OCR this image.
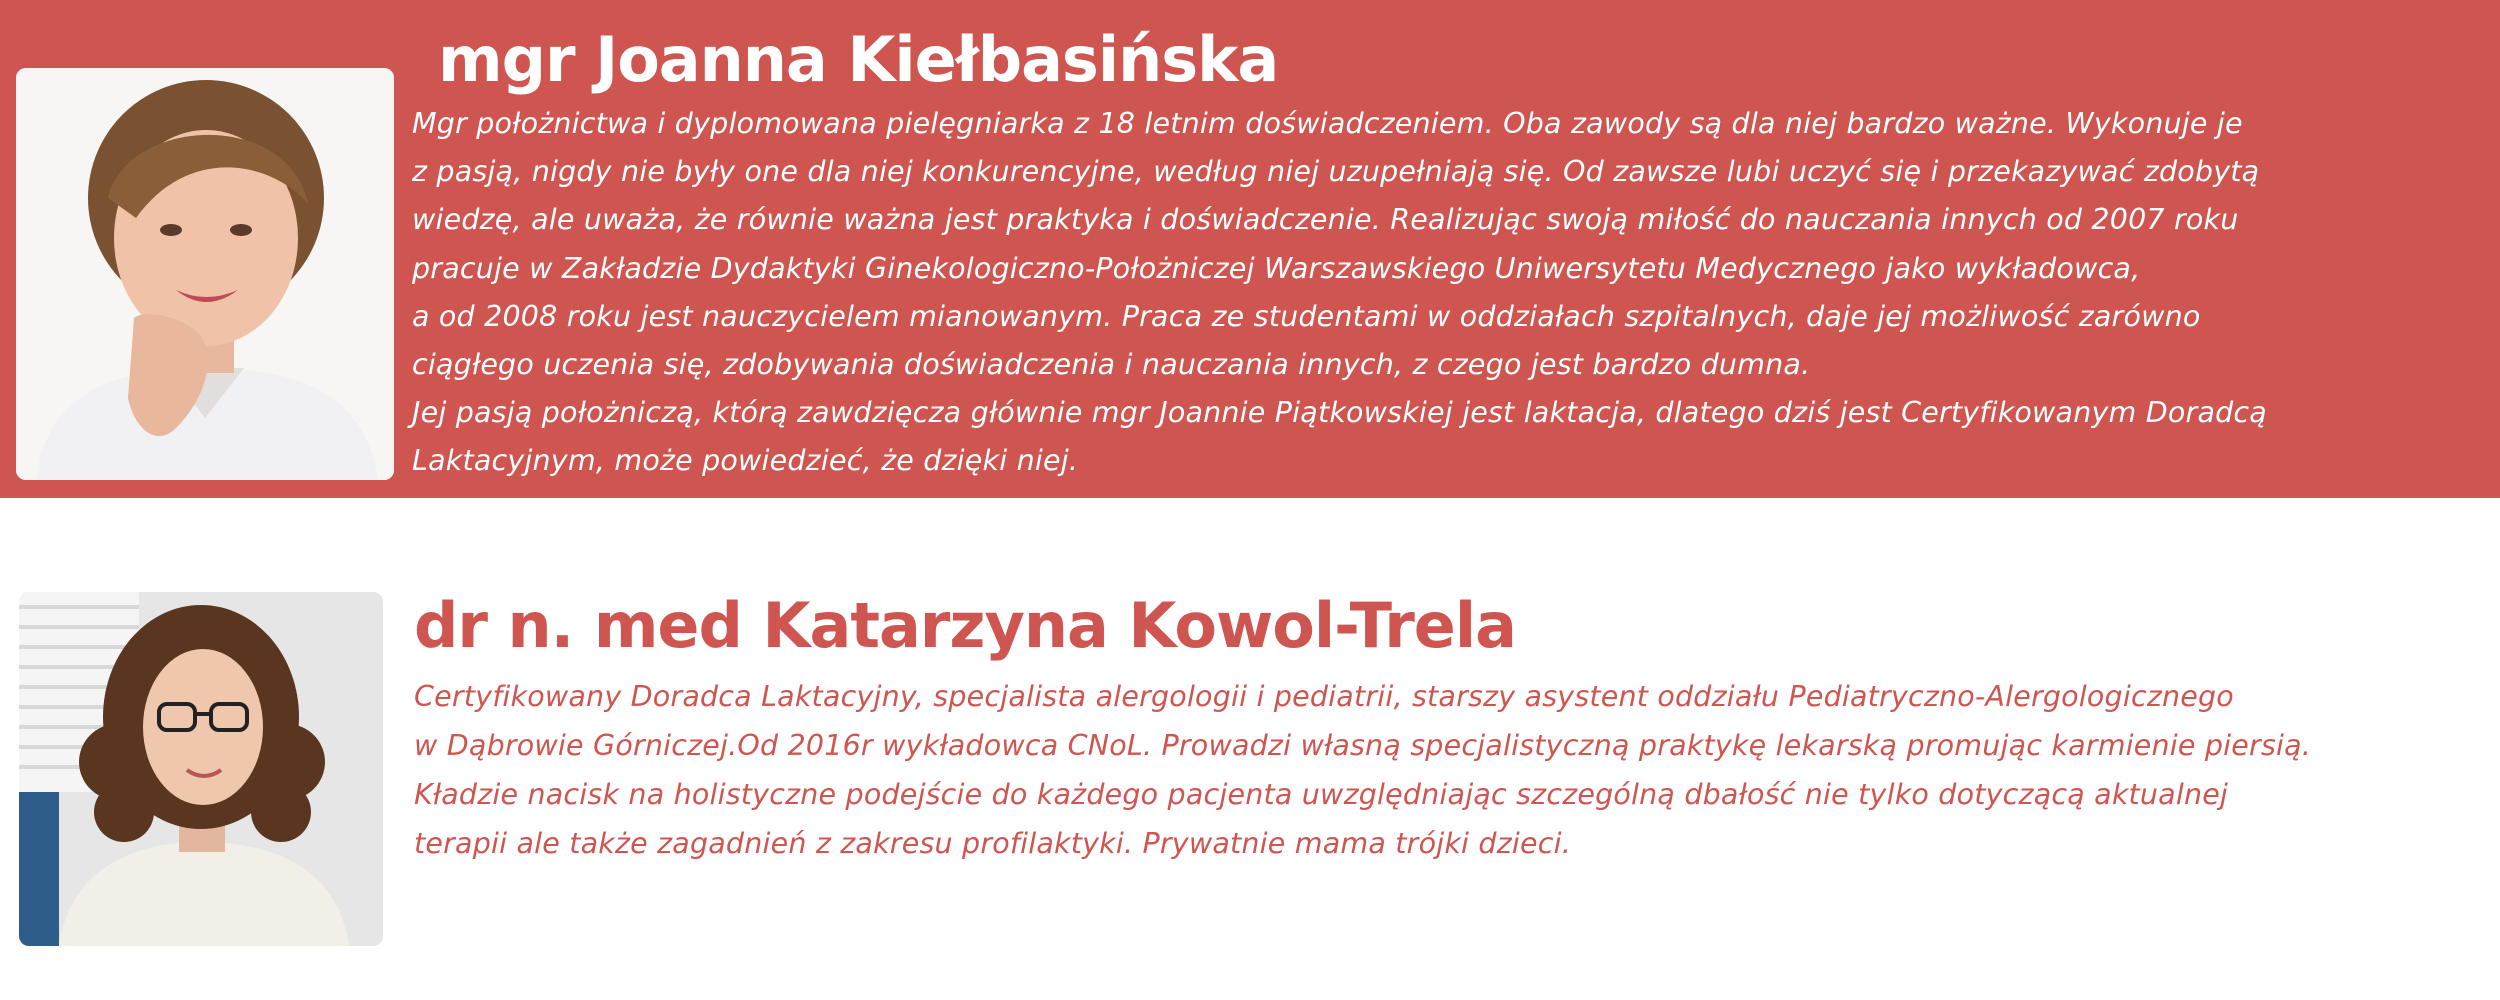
mgr Joanna Kiełbasińska
Mgr położnictwa i dyplomowana pielęgniarka z 18 letnim doświadczeniem. Oba zawody są dla niej bardzo ważne. Wykonuje je
z pasją, nigdy nie były one dla niej konkurencyjne, według niej uzupełniają się. Od zawsze lubi uczyć się i przekazywać zdobytą
wiedzę, ale uważa, że równie ważna jest praktyka i doświadczenie. Realizując swoją miłość do nauczania innych od 2007 roku
pracuje w Zakładzie Dydaktyki Ginekologiczno-Położniczej Warszawskiego Uniwersytetu Medycznego jako wykładowca,
a od 2008 roku jest nauczycielem mianowanym. Praca ze studentami w oddziałach szpitalnych, daje jej możliwość zarówno
ciągłego uczenia się, zdobywania doświadczenia i nauczania innych, z czego jest bardzo dumna.
Jej pasją położniczą, którą zawdzięcza głównie mgr Joannie Piątkowskiej jest laktacja, dlatego dziś jest Certyfikowanym Doradcą
Laktacyjnym, może powiedzieć, że dzięki niej.
dr n. med Katarzyna Kowol-Trela
Certyfikowany Doradca Laktacyjny, specjalista alergologii i pediatrii, starszy asystent oddziału Pediatryczno-Alergologicznego
w Dąbrowie Górniczej.Od 2016r wykładowca CNoL. Prowadzi własną specjalistyczną praktykę lekarską promując karmienie piersią.
Kładzie nacisk na holistyczne podejście do każdego pacjenta uwzględniając szczególną dbałość nie tylko dotyczącą aktualnej
terapii ale także zagadnień z zakresu profilaktyki. Prywatnie mama trójki dzieci.
